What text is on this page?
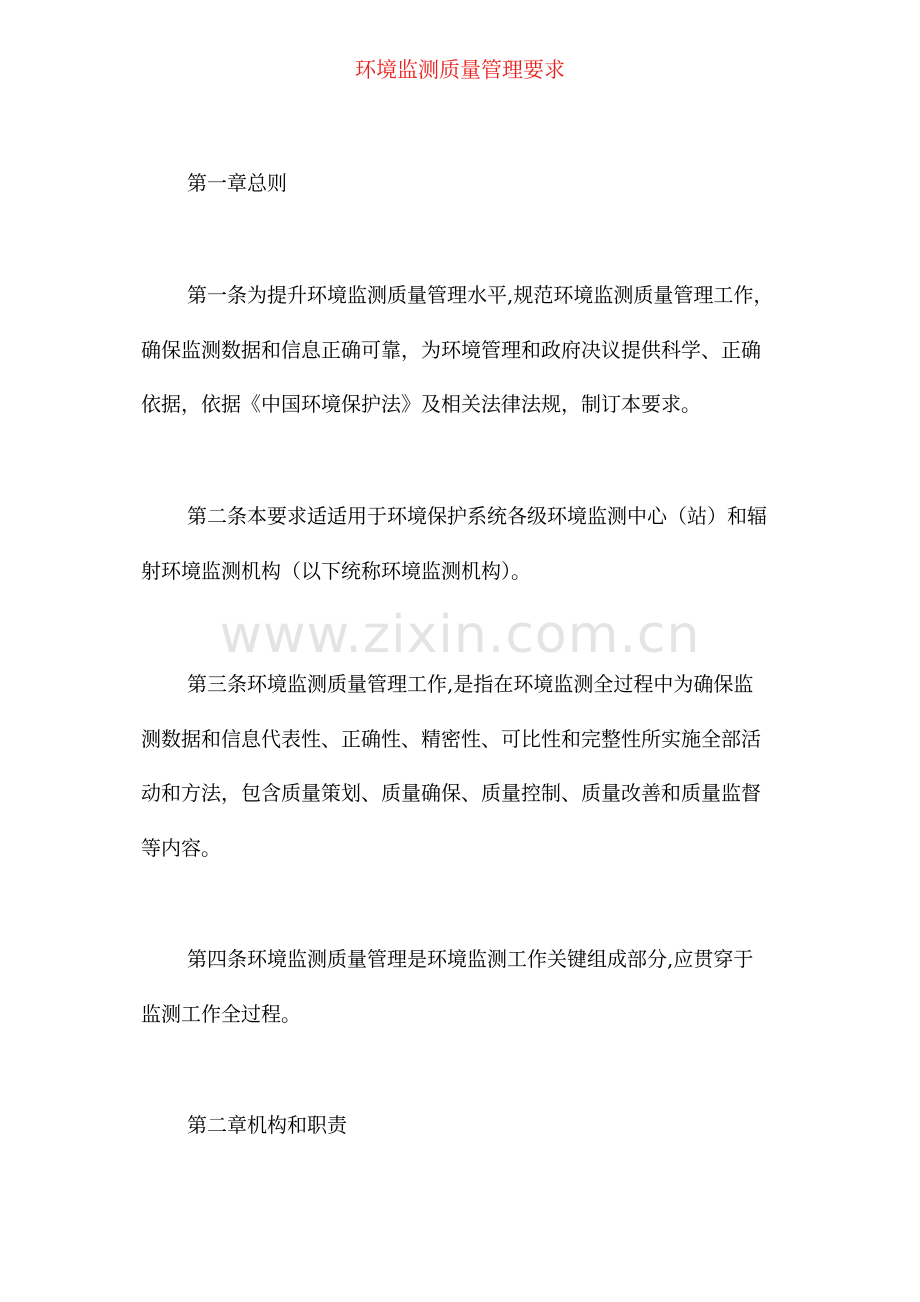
www.zixin.com.cn
环境监测质量管理要求

第一章总则

第一条为提升环境监测质量管理水平,规范环境监测质量管理工作，
确保监测数据和信息正确可靠，为环境管理和政府决议提供科学、正确
依据，依据《中国环境保护法》及相关法律法规，制订本要求。

第二条本要求适适用于环境保护系统各级环境监测中心（站）和辐
射环境监测机构（以下统称环境监测机构）。

第三条环境监测质量管理工作,是指在环境监测全过程中为确保监
测数据和信息代表性、正确性、精密性、可比性和完整性所实施全部活
动和方法，包含质量策划、质量确保、质量控制、质量改善和质量监督
等内容。

第四条环境监测质量管理是环境监测工作关键组成部分,应贯穿于
监测工作全过程。

第二章机构和职责
